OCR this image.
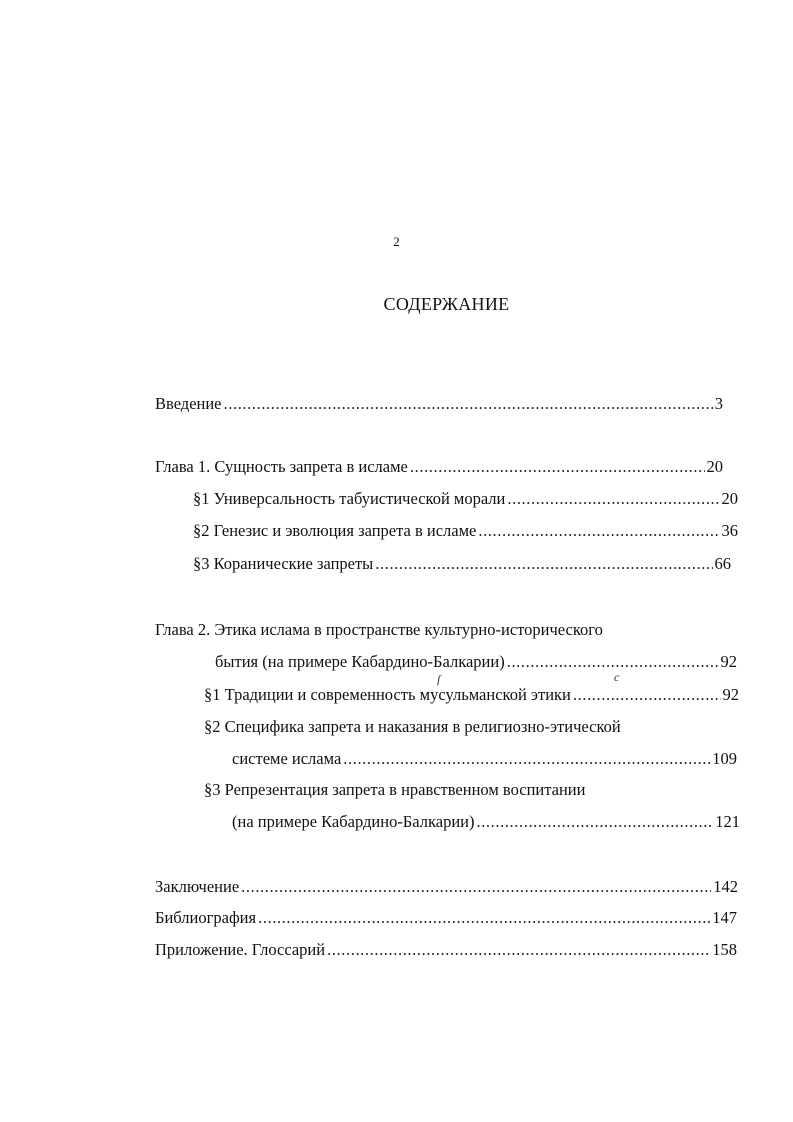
2
СОДЕРЖАНИЕ
Введение .....	3
Глава 1. Сущность запрета в исламе .....	20
§1 Универсальность табуистической морали .....	20
§2 Генезис и эволюция запрета в исламе .....	36
§3 Коранические запреты .....	66
Глава 2. Этика ислама в пространстве культурно-исторического
бытия (на примере Кабардино-Балкарии) .....	92
§1 Традиции и современность мусульманской этики .....	92
ſ	c
§2 Специфика запрета и наказания в религиозно-этической
системе ислама .....	109
§3 Репрезентация запрета в нравственном воспитании
(на примере Кабардино-Балкарии) .....	121
Заключение .....	142
Библиография .....	147
Приложение. Глоссарий .....	158
